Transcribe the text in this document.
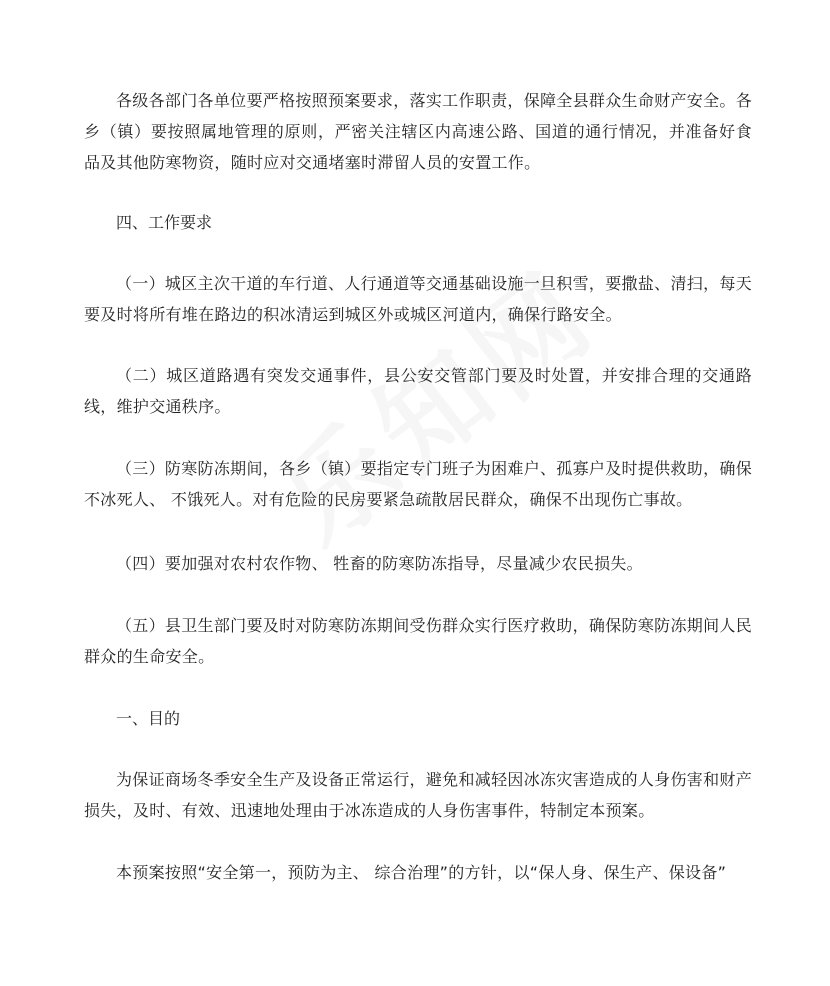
各级各部门各单位要严格按照预案要求，落实工作职责，保障全县群众生命财产安全。各乡（镇）要按照属地管理的原则，严密关注辖区内高速公路、国道的通行情况，并准备好食品及其他防寒物资，随时应对交通堵塞时滞留人员的安置工作。

四、工作要求

（一）城区主次干道的车行道、人行通道等交通基础设施一旦积雪，要撒盐、清扫，每天要及时将所有堆在路边的积冰清运到城区外或城区河道内，确保行路安全。

（二）城区道路遇有突发交通事件，县公安交管部门要及时处置，并安排合理的交通路线，维护交通秩序。

（三）防寒防冻期间，各乡（镇）要指定专门班子为困难户、孤寡户及时提供救助，确保不冰死人、 不饿死人。对有危险的民房要紧急疏散居民群众，确保不出现伤亡事故。

（四）要加强对农村农作物、 牲畜的防寒防冻指导，尽量减少农民损失。

（五）县卫生部门要及时对防寒防冻期间受伤群众实行医疗救助，确保防寒防冻期间人民群众的生命安全。

一、目的

为保证商场冬季安全生产及设备正常运行，避免和减轻因冰冻灾害造成的人身伤害和财产损失，及时、有效、迅速地处理由于冰冻造成的人身伤害事件，特制定本预案。

本预案按照“安全第一，预防为主、 综合治理”的方针，以“保人身、保生产、保设备”
